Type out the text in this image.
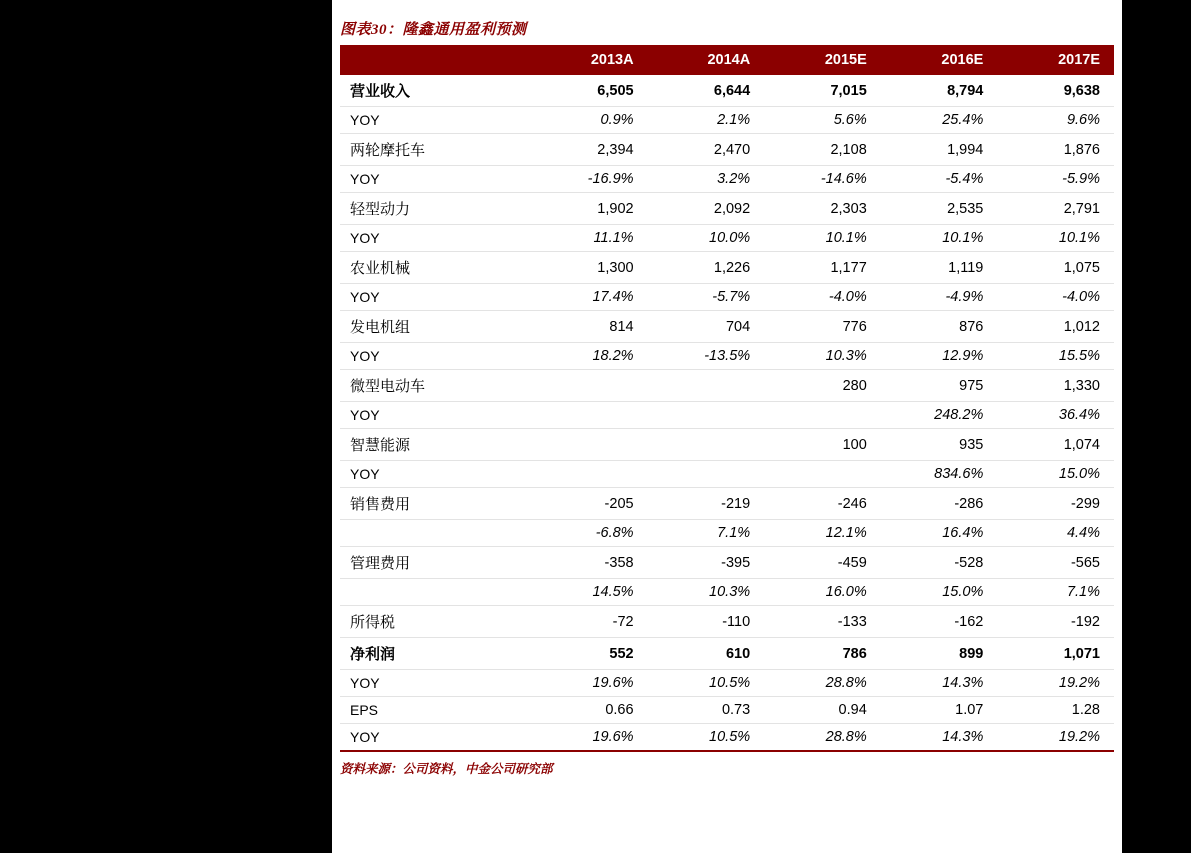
图表30：隆鑫通用盈利预测
	2013A	2014A	2015E	2016E	2017E
营业收入	6,505	6,644	7,015	8,794	9,638
YOY	0.9%	2.1%	5.6%	25.4%	9.6%
两轮摩托车	2,394	2,470	2,108	1,994	1,876
YOY	-16.9%	3.2%	-14.6%	-5.4%	-5.9%
轻型动力	1,902	2,092	2,303	2,535	2,791
YOY	11.1%	10.0%	10.1%	10.1%	10.1%
农业机械	1,300	1,226	1,177	1,119	1,075
YOY	17.4%	-5.7%	-4.0%	-4.9%	-4.0%
发电机组	814	704	776	876	1,012
YOY	18.2%	-13.5%	10.3%	12.9%	15.5%
微型电动车			280	975	1,330
YOY				248.2%	36.4%
智慧能源			100	935	1,074
YOY				834.6%	15.0%
销售费用	-205	-219	-246	-286	-299
	-6.8%	7.1%	12.1%	16.4%	4.4%
管理费用	-358	-395	-459	-528	-565
	14.5%	10.3%	16.0%	15.0%	7.1%
所得税	-72	-110	-133	-162	-192
净利润	552	610	786	899	1,071
YOY	19.6%	10.5%	28.8%	14.3%	19.2%
EPS	0.66	0.73	0.94	1.07	1.28
YOY	19.6%	10.5%	28.8%	14.3%	19.2%
资料来源：公司资料，中金公司研究部
